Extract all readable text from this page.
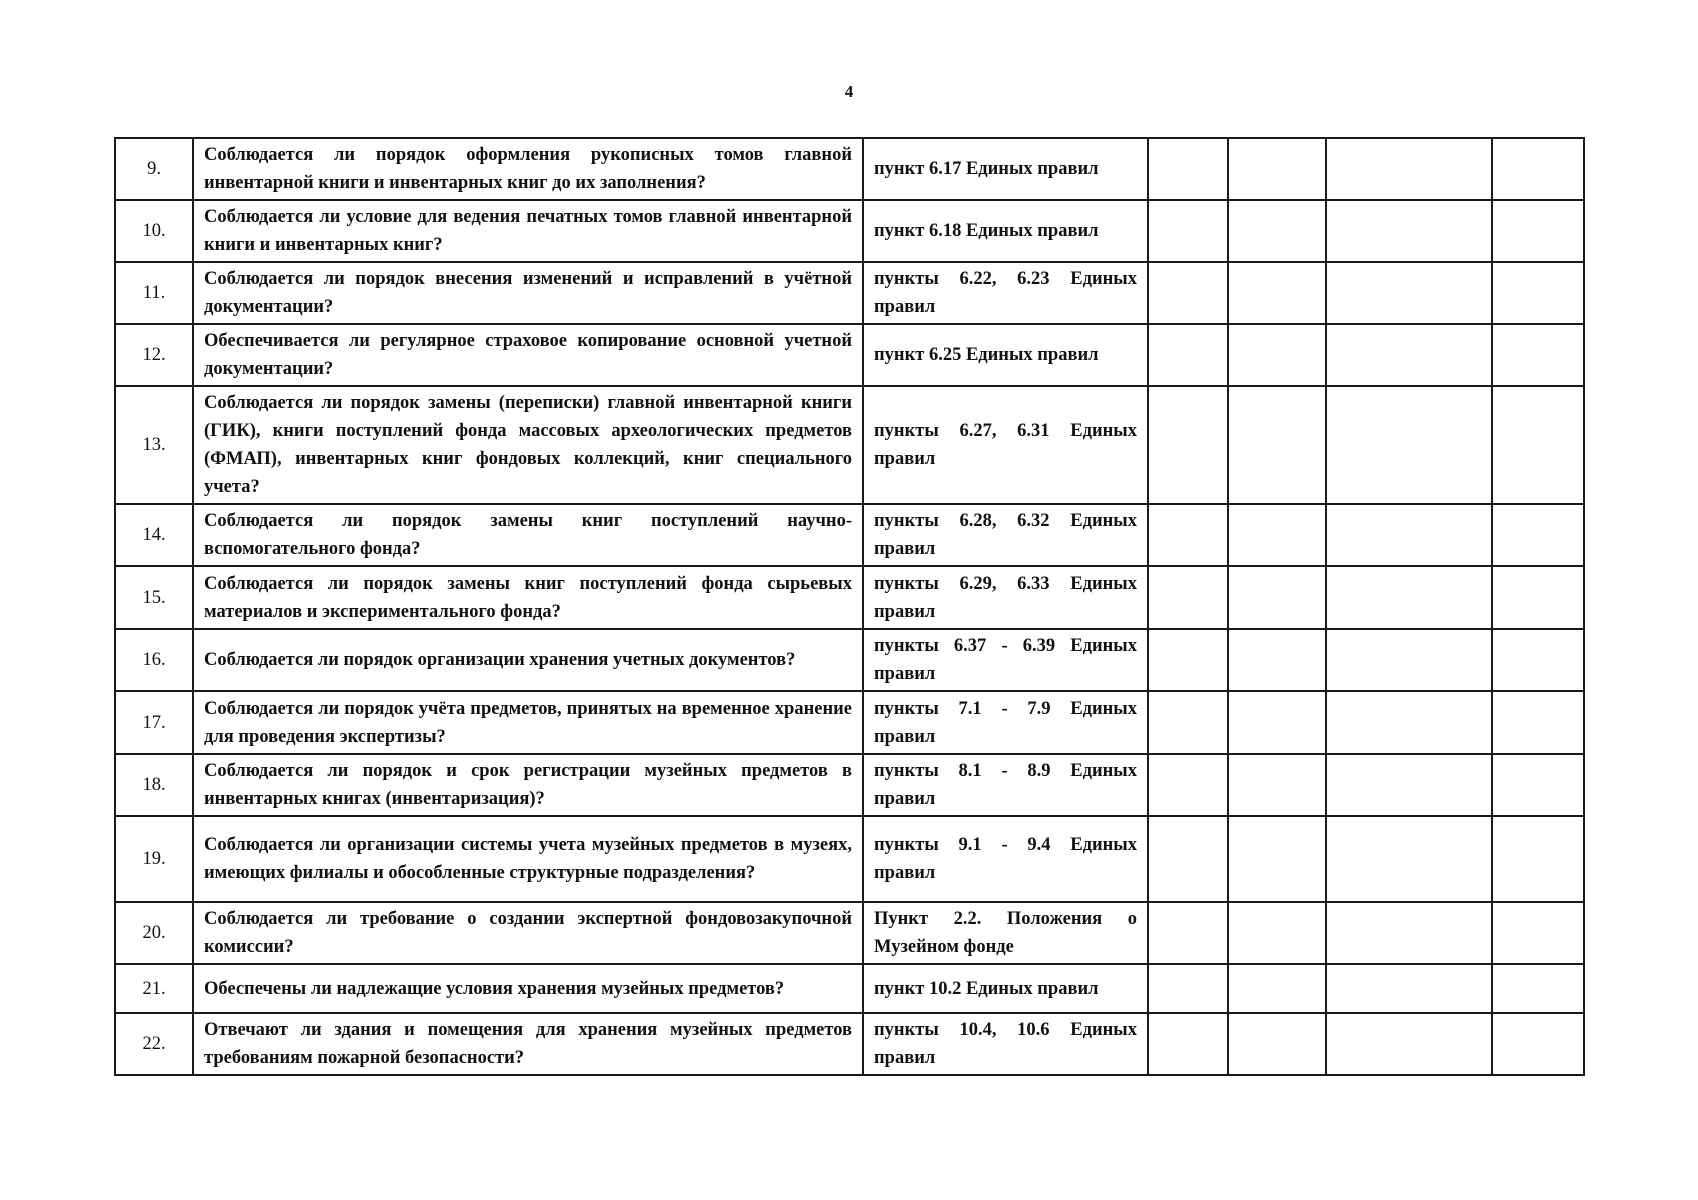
4
9.	Соблюдается ли порядок оформления рукописных томов главной инвентарной книги и инвентарных книг до их заполнения?	пункт 6.17 Единых правил				
10.	Соблюдается ли условие для ведения печатных томов главной инвентарной книги и инвентарных книг?	пункт 6.18 Единых правил				
11.	Соблюдается ли порядок внесения изменений и исправлений в учётной документации?	пункты 6.22, 6.23 Единых правил				
12.	Обеспечивается ли регулярное страховое копирование основной учетной документации?	пункт 6.25 Единых правил				
13.	Соблюдается ли порядок замены (переписки) главной инвентарной книги (ГИК), книги поступлений фонда массовых археологических предметов (ФМАП), инвентарных книг фондовых коллекций, книг специального учета?	пункты 6.27, 6.31 Единых правил				
14.	Соблюдается ли порядок замены книг поступлений научно-вспомогательного фонда?	пункты 6.28, 6.32 Единых правил				
15.	Соблюдается ли порядок замены книг поступлений фонда сырьевых материалов и экспериментального фонда?	пункты 6.29, 6.33 Единых правил				
16.	Соблюдается ли порядок организации хранения учетных документов?	пункты 6.37 - 6.39 Единых правил				
17.	Соблюдается ли порядок учёта предметов, принятых на временное хранение для проведения экспертизы?	пункты 7.1 - 7.9 Единых правил				
18.	Соблюдается ли порядок и срок регистрации музейных предметов в инвентарных книгах (инвентаризация)?	пункты 8.1 - 8.9 Единых правил				
19.	Соблюдается ли организации системы учета музейных предметов в музеях, имеющих филиалы и обособленные структурные подразделения?	пункты 9.1 - 9.4 Единых правил				
20.	Соблюдается ли требование о создании экспертной фондовозакупочной комиссии?	Пункт 2.2. Положения о Музейном фонде				
21.	Обеспечены ли надлежащие условия хранения музейных предметов?	пункт 10.2 Единых правил				
22.	Отвечают ли здания и помещения для хранения музейных предметов требованиям пожарной безопасности?	пункты 10.4, 10.6 Единых правил				
